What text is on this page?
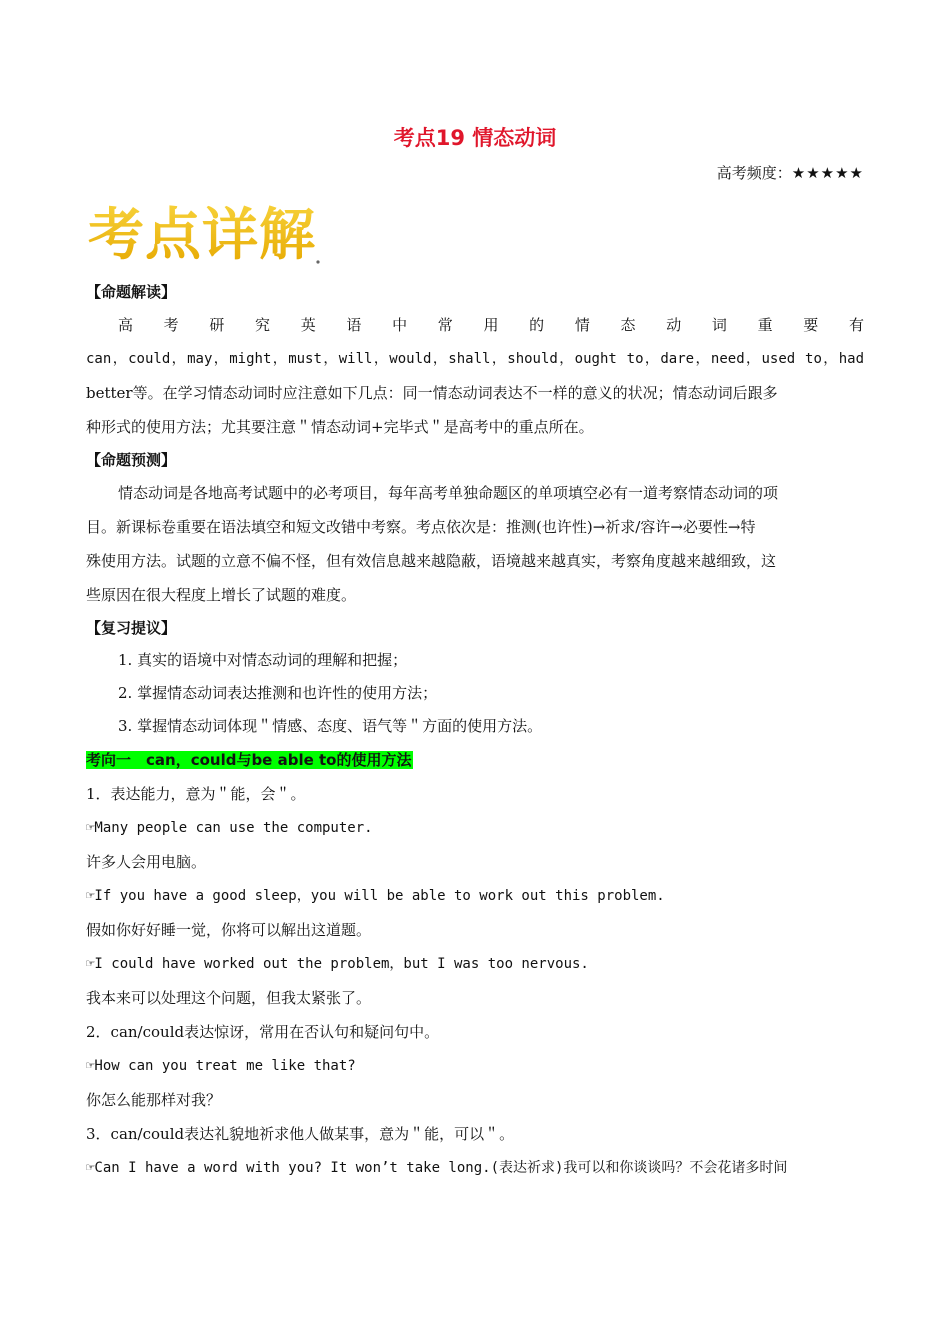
考点19 情态动词
高考频度：★★★★★
考点详解
【命题解读】
高　考　研　究　英　语　中　常　用　的　情　态　动　词　重　要　有
can，could，may，might，must，will，would，shall，should，ought to，dare，need，used to，had
better等。在学习情态动词时应注意如下几点：同一情态动词表达不一样的意义的状况；情态动词后跟多
种形式的使用方法；尤其要注意＂情态动词+完毕式＂是高考中的重点所在。
【命题预测】
情态动词是各地高考试题中的必考项目，每年高考单独命题区的单项填空必有一道考察情态动词的项
目。新课标卷重要在语法填空和短文改错中考察。考点依次是：推测(也许性)→祈求/容许→必要性→特
殊使用方法。试题的立意不偏不怪，但有效信息越来越隐蔽，语境越来越真实，考察角度越来越细致，这
些原因在很大程度上增长了试题的难度。
【复习提议】
1. 真实的语境中对情态动词的理解和把握；
2. 掌握情态动词表达推测和也许性的使用方法；
3. 掌握情态动词体现＂情感、态度、语气等＂方面的使用方法。
考向一　can，could与be able to的使用方法
1．表达能力，意为＂能，会＂。
☞Many people can use the computer.
许多人会用电脑。
☞If you have a good sleep，you will be able to work out this problem.
假如你好好睡一觉，你将可以解出这道题。
☞I could have worked out the problem，but I was too nervous.
我本来可以处理这个问题，但我太紧张了。
2．can/could表达惊讶，常用在否认句和疑问句中。
☞How can you treat me like that?
你怎么能那样对我？
3．can/could表达礼貌地祈求他人做某事，意为＂能，可以＂。
☞Can I have a word with you? It won’t take long.(表达祈求)我可以和你谈谈吗？不会花诸多时间
